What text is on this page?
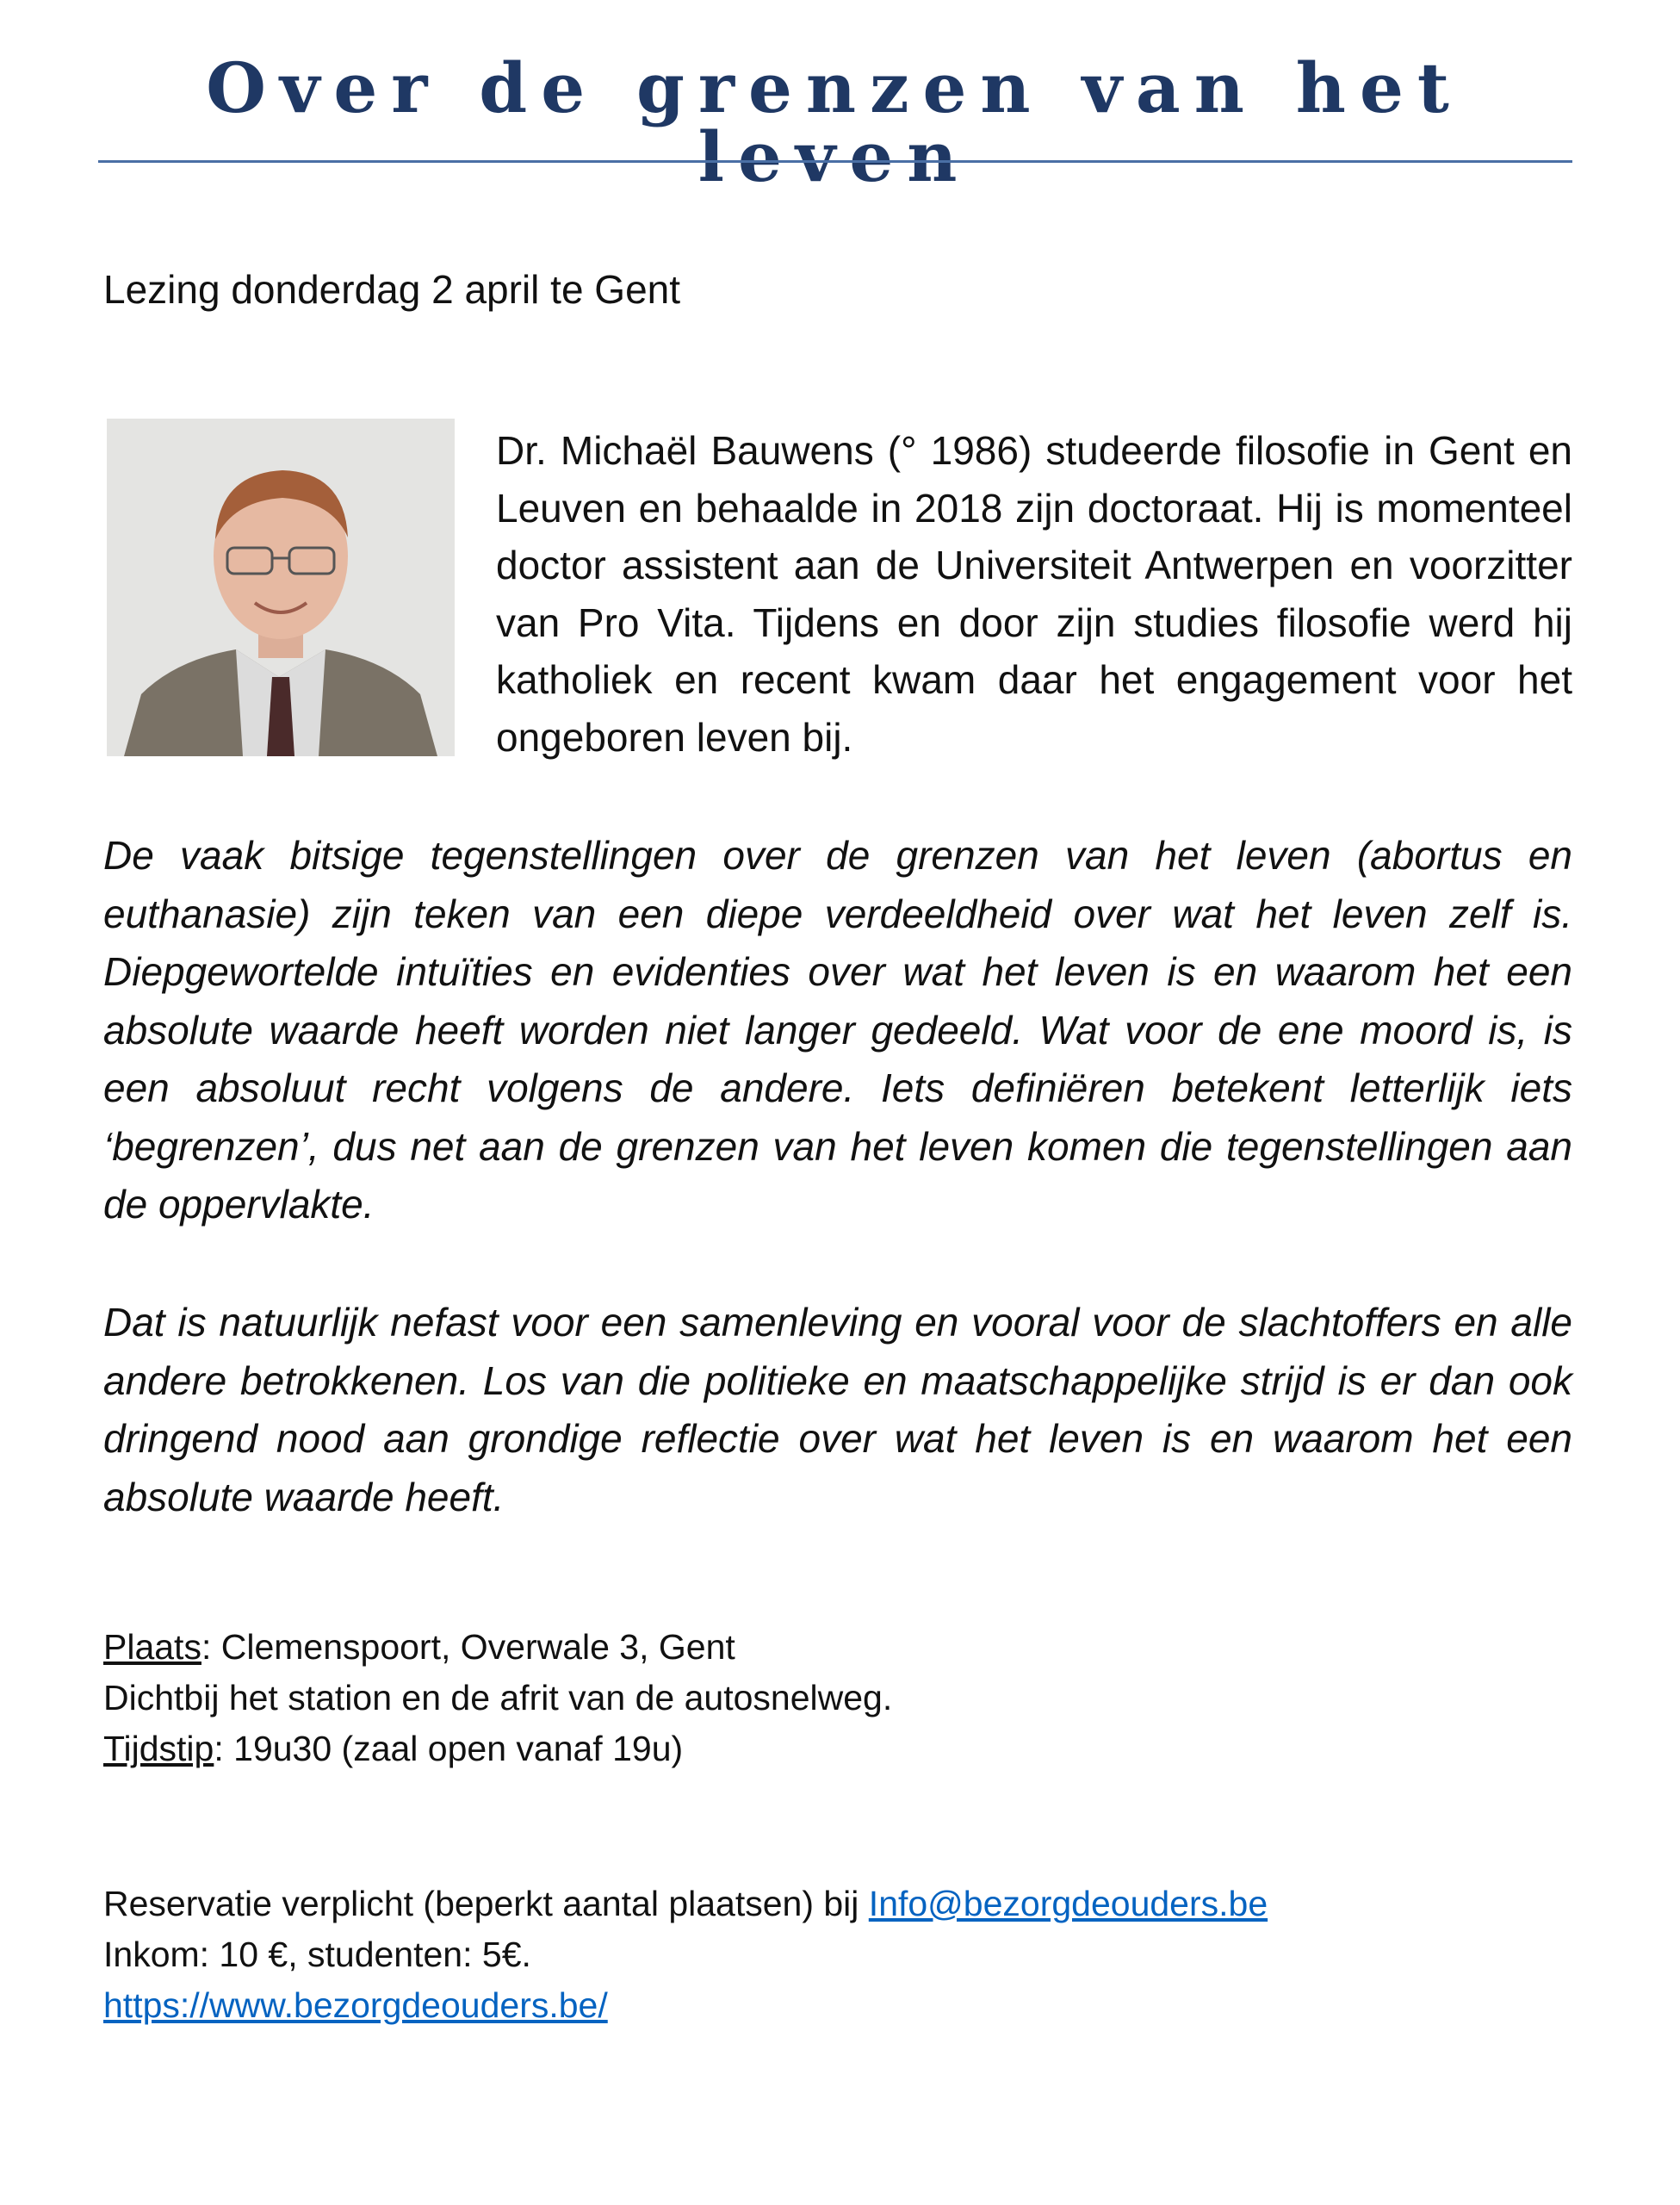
Over de grenzen van het leven
Lezing donderdag 2 april te Gent

Dr. Michaël Bauwens (° 1986) studeerde filosofie in Gent en Leuven en behaalde in 2018 zijn doctoraat. Hij is momenteel doctor assistent aan de Universiteit Antwerpen en voorzitter van Pro Vita. Tijdens en door zijn studies filosofie werd hij katholiek en recent kwam daar het engagement voor het ongeboren leven bij.

De vaak bitsige tegenstellingen over de grenzen van het leven (abortus en euthanasie) zijn teken van een diepe verdeeldheid over wat het leven zelf is. Diepgewortelde intuïties en evidenties over wat het leven is en waarom het een absolute waarde heeft worden niet langer gedeeld. Wat voor de ene moord is, is een absoluut recht volgens de andere. Iets definiëren betekent letterlijk iets ‘begrenzen’, dus net aan de grenzen van het leven komen die tegenstellingen aan de oppervlakte.

Dat is natuurlijk nefast voor een samenleving en vooral voor de slachtoffers en alle andere betrokkenen. Los van die politieke en maatschappelijke strijd is er dan ook dringend nood aan grondige reflectie over wat het leven is en waarom het een absolute waarde heeft.

Plaats: Clemenspoort, Overwale 3, Gent
Dichtbij het station en de afrit van de autosnelweg.
Tijdstip: 19u30 (zaal open vanaf 19u)
Reservatie verplicht (beperkt aantal plaatsen) bij Info@bezorgdeouders.be
Inkom: 10 €, studenten: 5€.
https://www.bezorgdeouders.be/
